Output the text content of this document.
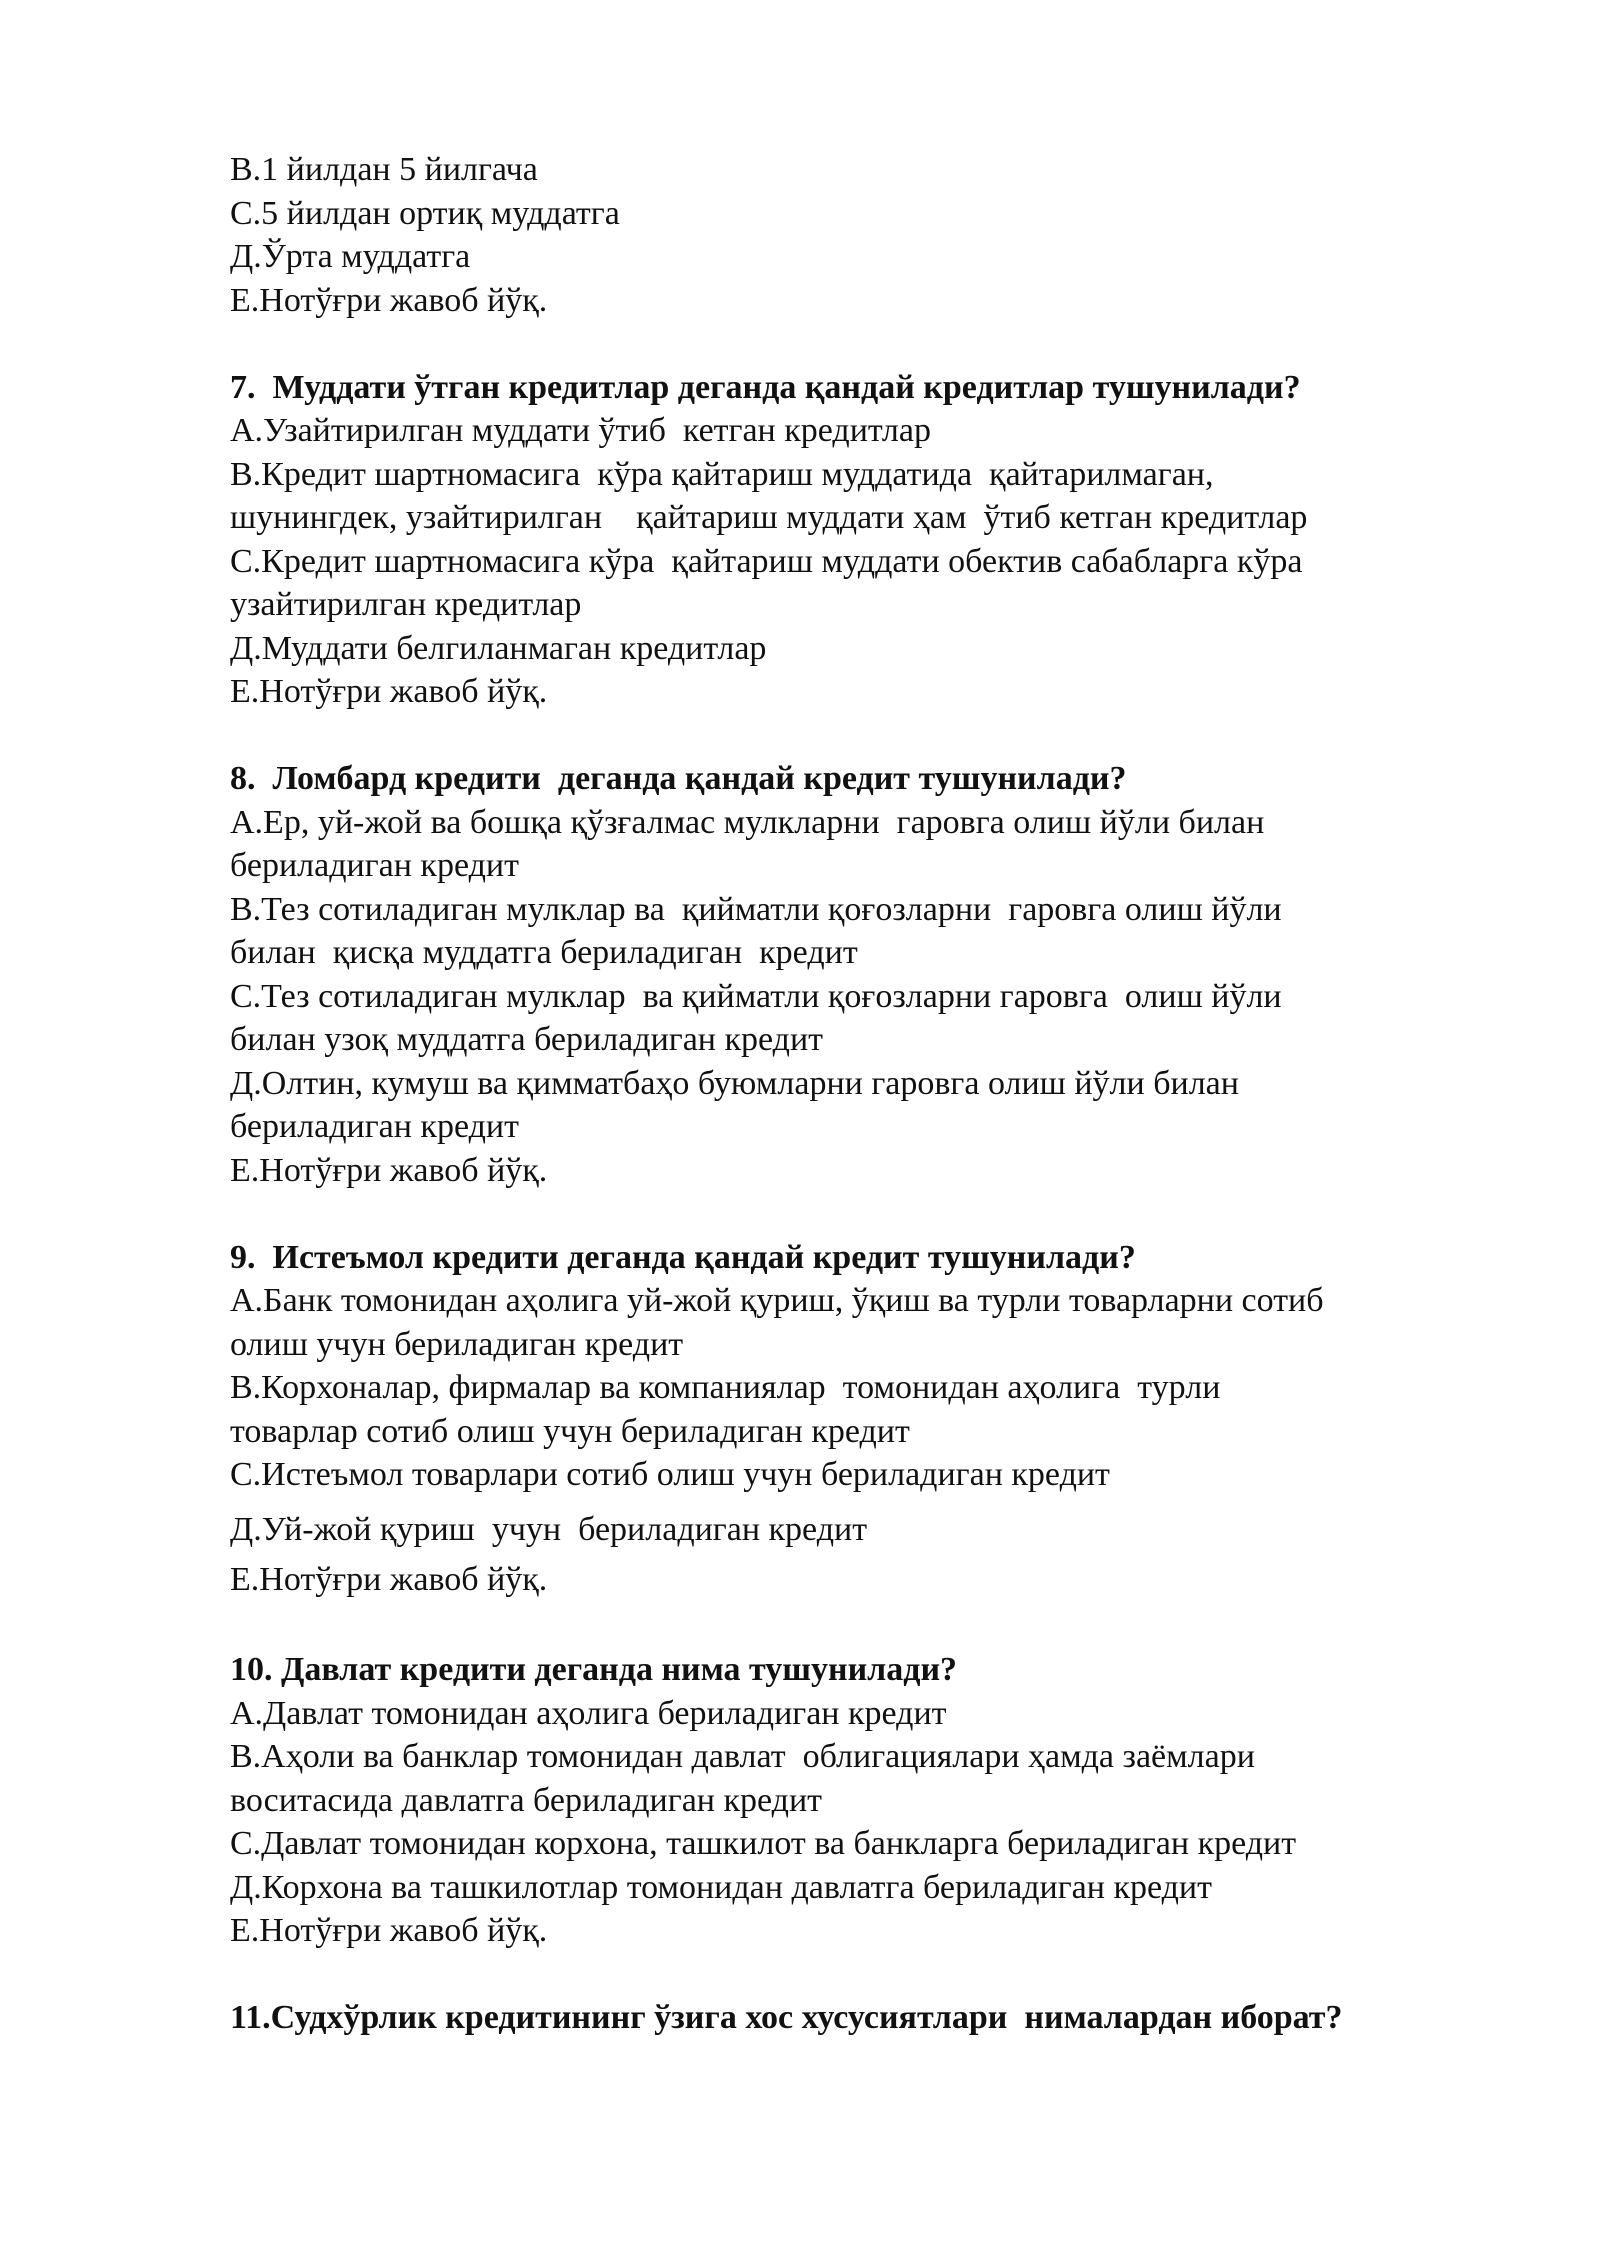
В.1 йилдан 5 йилгача

С.5 йилдан ортиқ муддатга

Д.Ўрта муддатга

Е.Нотўғри жавоб йўқ.

7.  Муддати ўтган кредитлар деганда қандай кредитлар тушунилади?

А.Узайтирилган муддати ўтиб  кетган кредитлар

В.Кредит шартномасига  кўра қайтариш муддатида  қайтарилмаган,

шунингдек, узайтирилган    қайтариш муддати ҳам  ўтиб кетган кредитлар

С.Кредит шартномасига кўра  қайтариш муддати обектив сабабларга кўра

узайтирилган кредитлар

Д.Муддати белгиланмаган кредитлар

Е.Нотўғри жавоб йўқ.

8.  Ломбард кредити  деганда қандай кредит тушунилади?

А.Ер, уй-жой ва бошқа қўзғалмас мулкларни  гаровга олиш йўли билан

бериладиган кредит

В.Тез сотиладиган мулклар ва  қийматли қоғозларни  гаровга олиш йўли

билан  қисқа муддатга бериладиган  кредит

С.Тез сотиладиган мулклар  ва қийматли қоғозларни гаровга  олиш йўли

билан узоқ муддатга бериладиган кредит

Д.Олтин, кумуш ва қимматбаҳо буюмларни гаровга олиш йўли билан

бериладиган кредит

Е.Нотўғри жавоб йўқ.

9.  Истеъмол кредити деганда қандай кредит тушунилади?

А.Банк томонидан аҳолига уй-жой қуриш, ўқиш ва турли товарларни сотиб

олиш учун бериладиган кредит

В.Корхоналар, фирмалар ва компаниялар  томонидан аҳолига  турли

товарлар сотиб олиш учун бериладиган кредит

С.Истеъмол товарлари сотиб олиш учун бериладиган кредит

Д.Уй-жой қуриш  учун  бериладиган кредит

Е.Нотўғри жавоб йўқ.

10. Давлат кредити деганда нима тушунилади?

А.Давлат томонидан аҳолига бериладиган кредит

В.Аҳоли ва банклар томонидан давлат  облигациялари ҳамда заёмлари

воситасида давлатга бериладиган кредит

С.Давлат томонидан корхона, ташкилот ва банкларга бериладиган кредит

Д.Корхона ва ташкилотлар томонидан давлатга бериладиган кредит

Е.Нотўғри жавоб йўқ.

11.Судхўрлик кредитининг ўзига хос хусусиятлари  нималардан иборат?
